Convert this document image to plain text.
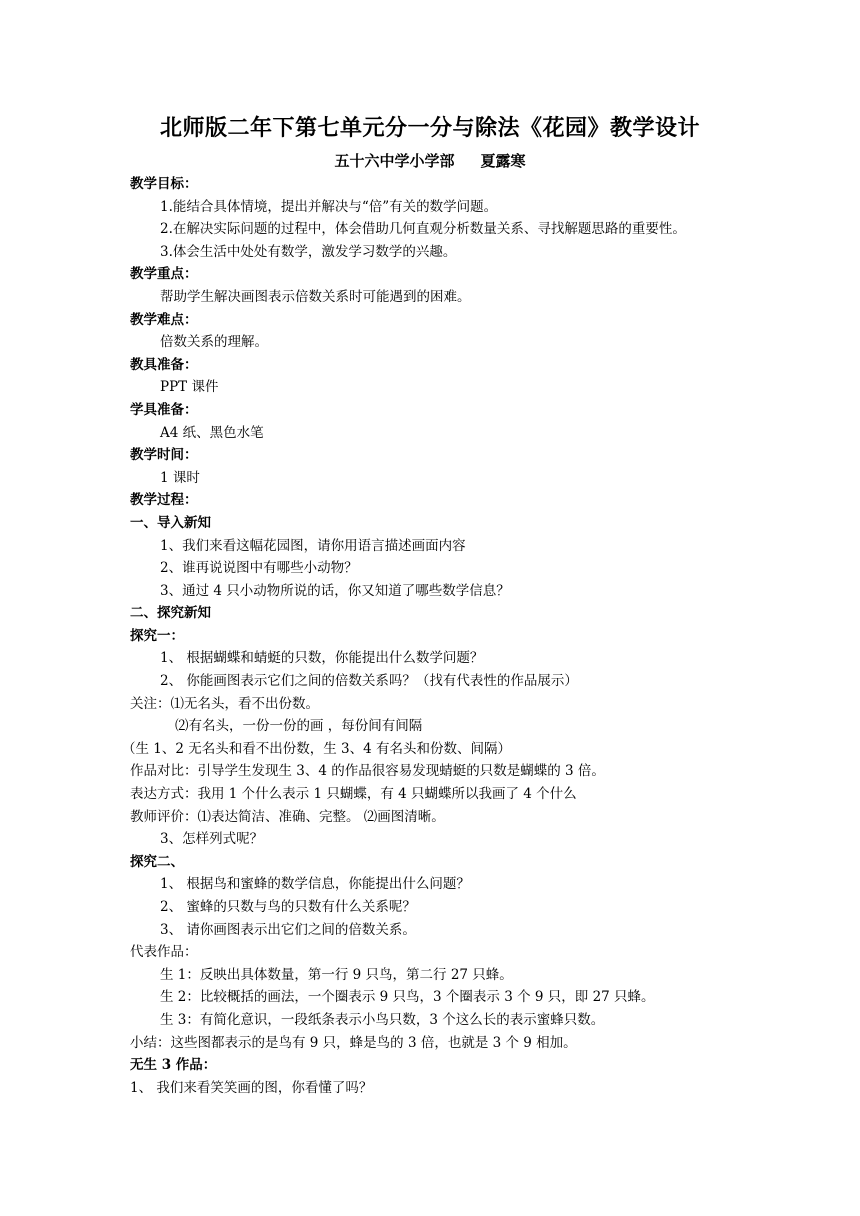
北师版二年下第七单元分一分与除法《花园》教学设计
五十六中学小学部 夏露寒
教学目标：
1.能结合具体情境，提出并解决与“倍”有关的数学问题。
2.在解决实际问题的过程中，体会借助几何直观分析数量关系、寻找解题思路的重要性。
3.体会生活中处处有数学，激发学习数学的兴趣。
教学重点：
帮助学生解决画图表示倍数关系时可能遇到的困难。
教学难点：
倍数关系的理解。
教具准备：
PPT 课件
学具准备：
A4 纸、黑色水笔
教学时间：
1 课时
教学过程：
一、导入新知
1、我们来看这幅花园图，请你用语言描述画面内容
2、谁再说说图中有哪些小动物？
3、通过 4 只小动物所说的话，你又知道了哪些数学信息？
二、探究新知
探究一：
1、 根据蝴蝶和蜻蜓的只数，你能提出什么数学问题？
2、 你能画图表示它们之间的倍数关系吗？（找有代表性的作品展示）
关注：⑴无名头，看不出份数。
⑵有名头，一份一份的画 ，每份间有间隔
（生 1、2 无名头和看不出份数，生 3、4 有名头和份数、间隔）
作品对比：引导学生发现生 3、4 的作品很容易发现蜻蜓的只数是蝴蝶的 3 倍。
表达方式：我用 1 个什么表示 1 只蝴蝶，有 4 只蝴蝶所以我画了 4 个什么
教师评价：⑴表达简洁、准确、完整。 ⑵画图清晰。
3、怎样列式呢？
探究二、
1、 根据鸟和蜜蜂的数学信息，你能提出什么问题？
2、 蜜蜂的只数与鸟的只数有什么关系呢？
3、 请你画图表示出它们之间的倍数关系。
代表作品：
生 1：反映出具体数量，第一行 9 只鸟，第二行 27 只蜂。
生 2：比较概括的画法，一个圈表示 9 只鸟，3 个圈表示 3 个 9 只，即 27 只蜂。
生 3：有简化意识，一段纸条表示小鸟只数，3 个这么长的表示蜜蜂只数。
小结：这些图都表示的是鸟有 9 只，蜂是鸟的 3 倍，也就是 3 个 9 相加。
无生 3 作品：
1、 我们来看笑笑画的图，你看懂了吗？
